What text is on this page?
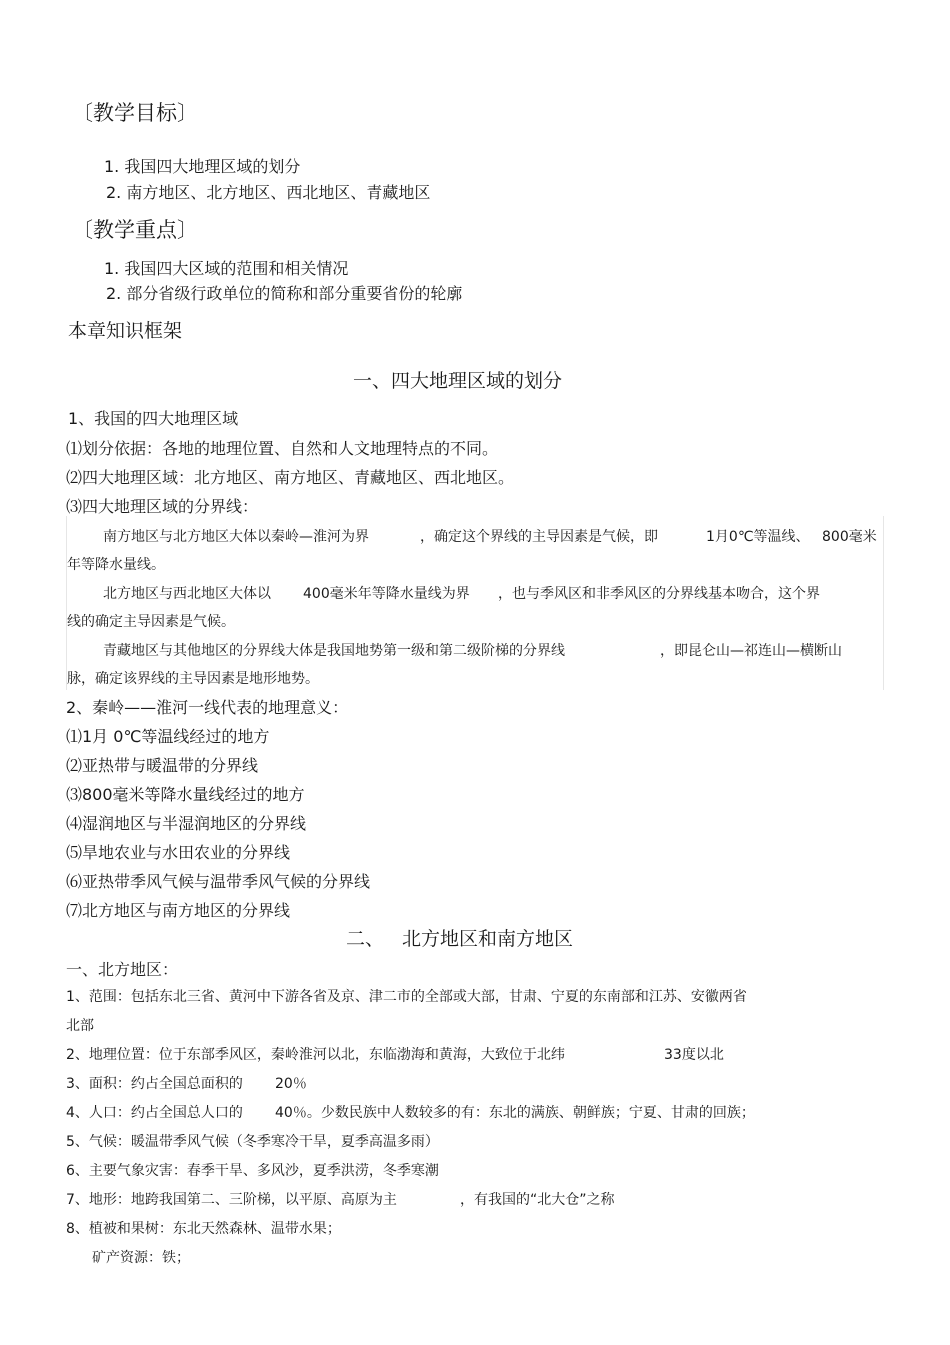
〔教学目标〕
1. 我国四大地理区域的划分
2. 南方地区、北方地区、西北地区、青藏地区
〔教学重点〕
1. 我国四大区域的范围和相关情况
2. 部分省级行政单位的简称和部分重要省份的轮廓
本章知识框架
一、四大地理区域的划分
1、我国的四大地理区域
⑴划分依据：各地的地理位置、自然和人文地理特点的不同。
⑵四大地理区域：北方地区、南方地区、青藏地区、西北地区。
⑶四大地理区域的分界线：
南方地区与北方地区大体以秦岭—淮河为界	，确定这个界线的主导因素是气候，即	1月0℃等温线、 800毫米
年等降水量线。
北方地区与西北地区大体以 400毫米年等降水量线为界 ，也与季风区和非季风区的分界线基本吻合，这个界
线的确定主导因素是气候。
青藏地区与其他地区的分界线大体是我国地势第一级和第二级阶梯的分界线	，即昆仑山—祁连山—横断山
脉，确定该界线的主导因素是地形地势。
2、秦岭——淮河一线代表的地理意义：
⑴1月 0℃等温线经过的地方
⑵亚热带与暖温带的分界线
⑶800毫米等降水量线经过的地方
⑷湿润地区与半湿润地区的分界线
⑸旱地农业与水田农业的分界线
⑹亚热带季风气候与温带季风气候的分界线
⑺北方地区与南方地区的分界线
二、 北方地区和南方地区
一、北方地区：
1、范围：包括东北三省、黄河中下游各省及京、津二市的全部或大部，甘肃、宁夏的东南部和江苏、安徽两省
北部
2、地理位置：位于东部季风区，秦岭淮河以北，东临渤海和黄海，大致位于北纬	33度以北
3、面积：约占全国总面积的 20％
4、人口：约占全国总人口的 40％。少数民族中人数较多的有：东北的满族、朝鲜族；宁夏、甘肃的回族；
5、气候：暖温带季风气候（冬季寒冷干旱，夏季高温多雨）
6、主要气象灾害：春季干旱、多风沙，夏季洪涝，冬季寒潮
7、地形：地跨我国第二、三阶梯，以平原、高原为主	，有我国的“北大仓”之称
8、植被和果树：东北天然森林、温带水果；
矿产资源：铁；
